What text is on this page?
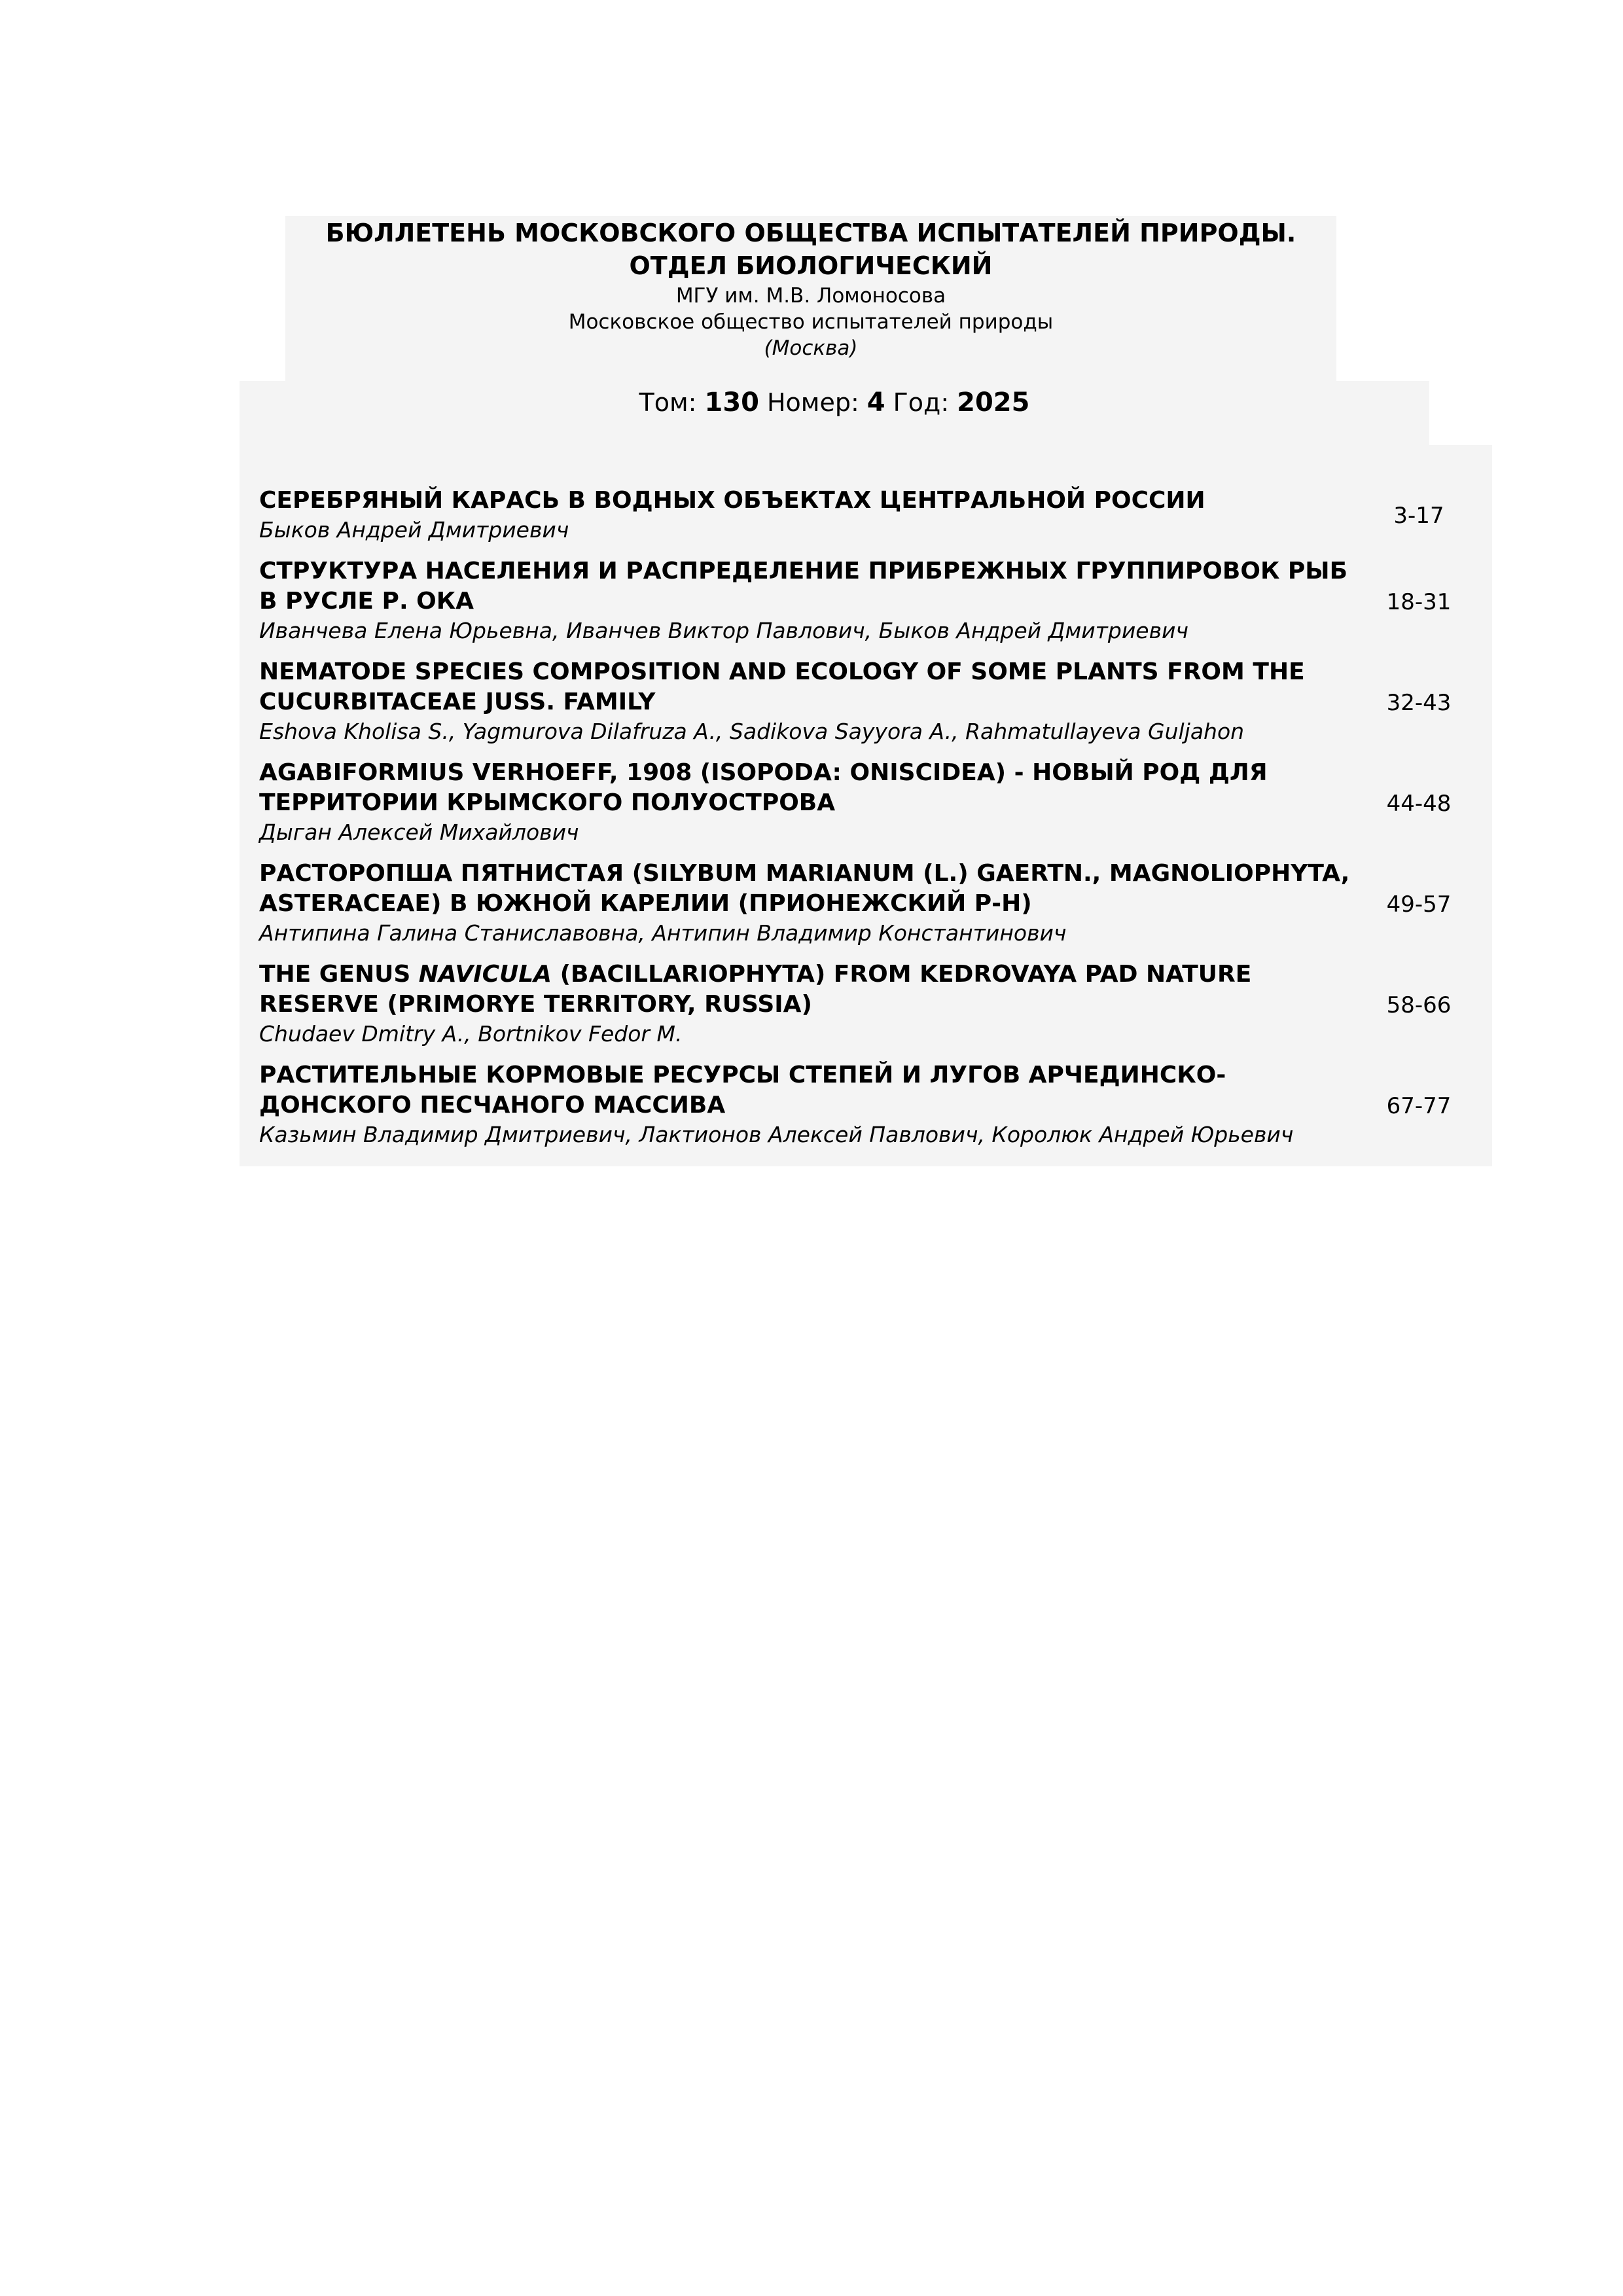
БЮЛЛЕТЕНЬ МОСКОВСКОГО ОБЩЕСТВА ИСПЫТАТЕЛЕЙ ПРИРОДЫ.
ОТДЕЛ БИОЛОГИЧЕСКИЙ
МГУ им. М.В. Ломоносова
Московское общество испытателей природы
(Москва)
Том: 130 Номер: 4 Год: 2025
СЕРЕБРЯНЫЙ КАРАСЬ В ВОДНЫХ ОБЪЕКТАХ ЦЕНТРАЛЬНОЙ РОССИИ
Быков Андрей Дмитриевич
3-17
СТРУКТУРА НАСЕЛЕНИЯ И РАСПРЕДЕЛЕНИЕ ПРИБРЕЖНЫХ ГРУППИРОВОК РЫБ В РУСЛЕ Р. ОКА
Иванчева Елена Юрьевна, Иванчев Виктор Павлович, Быков Андрей Дмитриевич
18-31
NEMATODE SPECIES COMPOSITION AND ECOLOGY OF SOME PLANTS FROM THE CUCURBITACEAE JUSS. FAMILY
Eshova Kholisa S., Yagmurova Dilafruza A., Sadikova Sayyora A., Rahmatullayeva Guljahon
32-43
AGABIFORMIUS VERHOEFF, 1908 (ISOPODA: ONISCIDEA) - НОВЫЙ РОД ДЛЯ ТЕРРИТОРИИ КРЫМСКОГО ПОЛУОСТРОВА
Дыган Алексей Михайлович
44-48
РАСТОРОПША ПЯТНИСТАЯ (SILYBUM MARIANUM (L.) GAERTN., MAGNOLIOPHYTA, ASTERACEAE) В ЮЖНОЙ КАРЕЛИИ (ПРИОНЕЖСКИЙ Р-Н)
Антипина Галина Станиславовна, Антипин Владимир Константинович
49-57
THE GENUS NAVICULA (BACILLARIOPHYTA) FROM KEDROVAYA PAD NATURE RESERVE (PRIMORYE TERRITORY, RUSSIA)
Chudaev Dmitry A., Bortnikov Fedor M.
58-66
РАСТИТЕЛЬНЫЕ КОРМОВЫЕ РЕСУРСЫ СТЕПЕЙ И ЛУГОВ АРЧЕДИНСКО-ДОНСКОГО ПЕСЧАНОГО МАССИВА
Казьмин Владимир Дмитриевич, Лактионов Алексей Павлович, Королюк Андрей Юрьевич
67-77
